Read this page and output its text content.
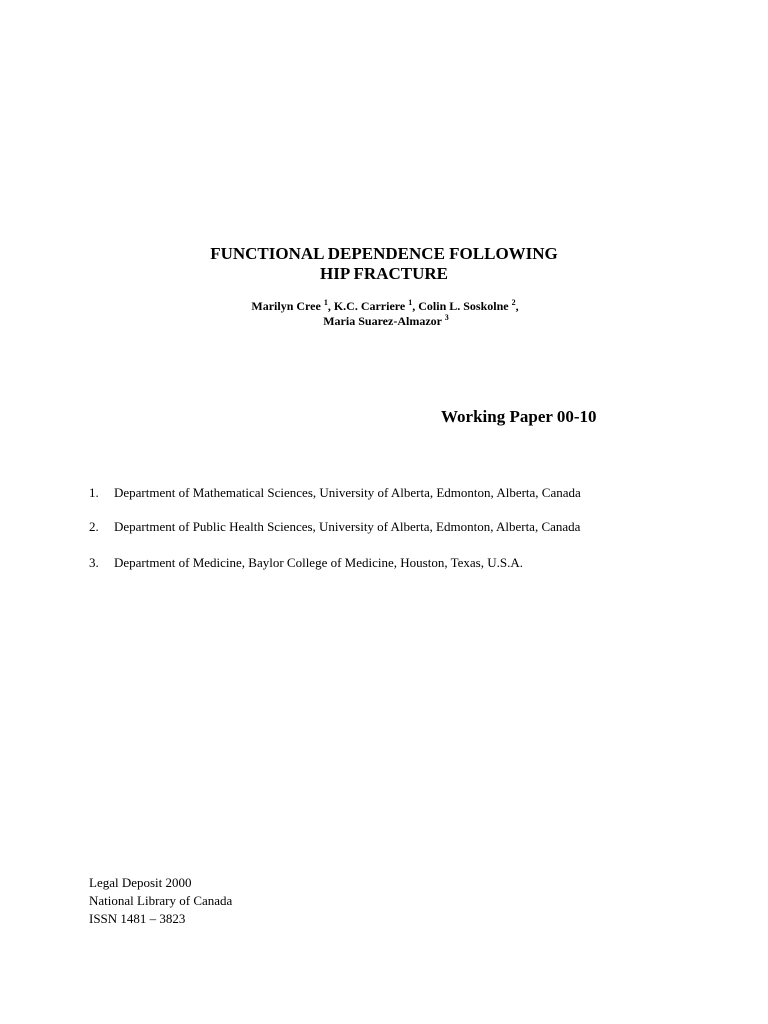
FUNCTIONAL DEPENDENCE FOLLOWING
HIP FRACTURE
Marilyn Cree $^1$, K.C. Carriere $^1$, Colin L. Soskolne $^2$,
Maria Suarez-Almazor $^3$
Working Paper 00-10
1. Department of Mathematical Sciences, University of Alberta, Edmonton, Alberta, Canada
2. Department of Public Health Sciences, University of Alberta, Edmonton, Alberta, Canada
3. Department of Medicine, Baylor College of Medicine, Houston, Texas, U.S.A.
Legal Deposit 2000
National Library of Canada
ISSN 1481 – 3823
